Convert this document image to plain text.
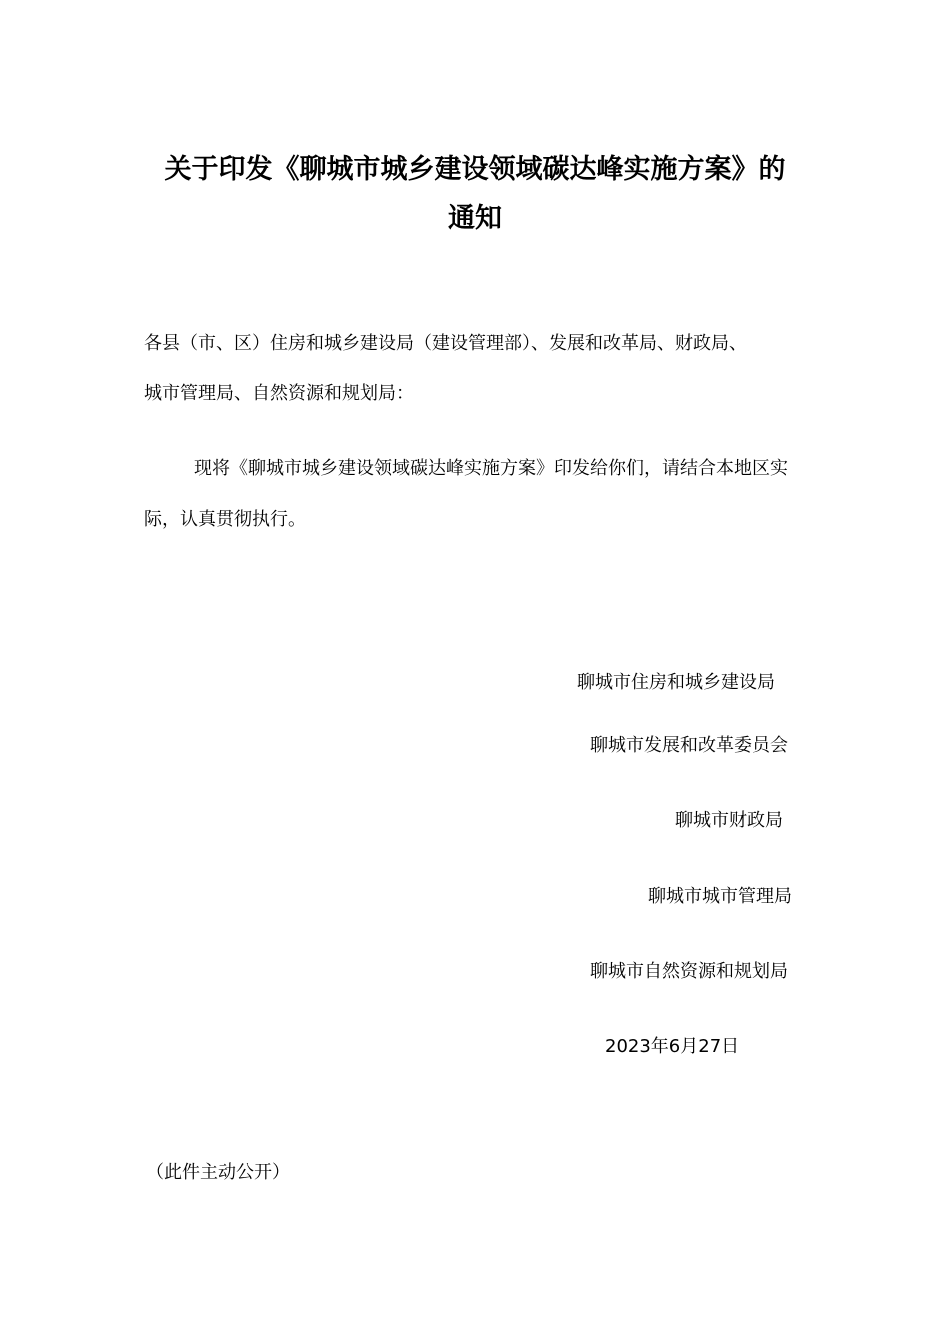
关于印发《聊城市城乡建设领域碳达峰实施方案》的
通知
各县（市、区）住房和城乡建设局（建设管理部）、发展和改革局、财政局、
城市管理局、自然资源和规划局：
现将《聊城市城乡建设领域碳达峰实施方案》印发给你们，请结合本地区实
际，认真贯彻执行。
聊城市住房和城乡建设局
聊城市发展和改革委员会
聊城市财政局
聊城市城市管理局
聊城市自然资源和规划局
2023年6月27日
（此件主动公开）
